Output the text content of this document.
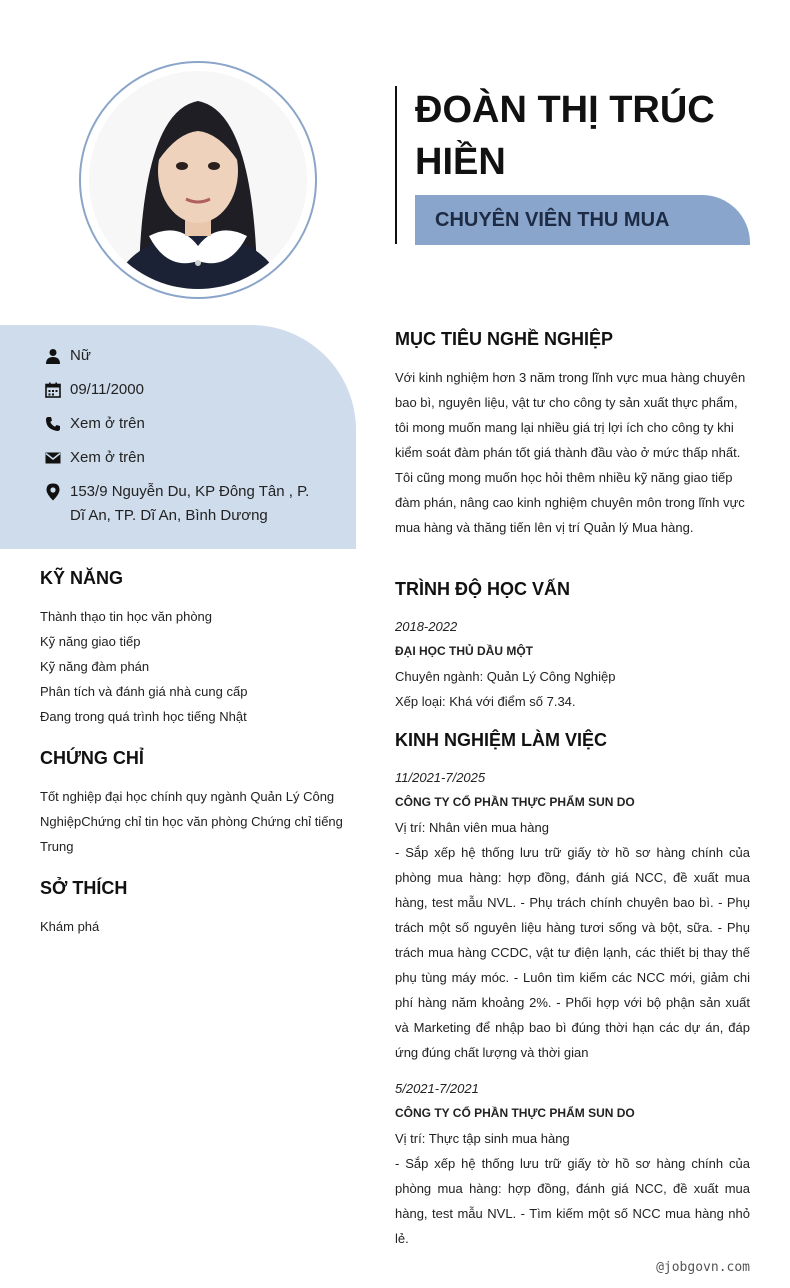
ĐOÀN THỊ TRÚC HIỀN
CHUYÊN VIÊN THU MUA
Nữ
09/11/2000
Xem ở trên
Xem ở trên
153/9 Nguyễn Du, KP Đông Tân , P. Dĩ An, TP. Dĩ An, Bình Dương
KỸ NĂNG
Thành thạo tin học văn phòng
Kỹ năng giao tiếp
Kỹ năng đàm phán
Phân tích và đánh giá nhà cung cấp
Đang trong quá trình học tiếng Nhật
CHỨNG CHỈ
Tốt nghiệp đại học chính quy ngành Quản Lý Công NghiệpChứng chỉ tin học văn phòng Chứng chỉ tiếng Trung
SỞ THÍCH
Khám phá
MỤC TIÊU NGHỀ NGHIỆP
Với kinh nghiệm hơn 3 năm trong lĩnh vực mua hàng chuyên bao bì, nguyên liệu, vật tư cho công ty sản xuất thực phẩm, tôi mong muốn mang lại nhiều giá trị lợi ích cho công ty khi kiểm soát đàm phán tốt giá thành đầu vào ở mức thấp nhất. Tôi cũng mong muốn học hỏi thêm nhiều kỹ năng giao tiếp đàm phán, nâng cao kinh nghiệm chuyên môn trong lĩnh vực mua hàng và thăng tiến lên vị trí Quản lý Mua hàng.
TRÌNH ĐỘ HỌC VẤN
2018-2022
ĐẠI HỌC THỦ DẦU MỘT
Chuyên ngành: Quản Lý Công Nghiệp
Xếp loại: Khá với điểm số 7.34.
KINH NGHIỆM LÀM VIỆC
11/2021-7/2025
CÔNG TY CỔ PHẦN THỰC PHẨM SUN DO
Vị trí: Nhân viên mua hàng
- Sắp xếp hệ thống lưu trữ giấy tờ hồ sơ hàng chính của phòng mua hàng: hợp đồng, đánh giá NCC, đề xuất mua hàng, test mẫu NVL. - Phụ trách chính chuyên bao bì. - Phụ trách một số nguyên liệu hàng tươi sống và bột, sữa. - Phụ trách mua hàng CCDC, vật tư điện lạnh, các thiết bị thay thế phụ tùng máy móc. - Luôn tìm kiếm các NCC mới, giảm chi phí hàng năm khoảng 2%. - Phối hợp với bộ phận sản xuất và Marketing để nhập bao bì đúng thời hạn các dự án, đáp ứng đúng chất lượng và thời gian
5/2021-7/2021
CÔNG TY CỔ PHẦN THỰC PHẨM SUN DO
Vị trí: Thực tập sinh mua hàng
- Sắp xếp hệ thống lưu trữ giấy tờ hồ sơ hàng chính của phòng mua hàng: hợp đồng, đánh giá NCC, đề xuất mua hàng, test mẫu NVL. - Tìm kiếm một số NCC mua hàng nhỏ lẻ.
@jobgovn.com
